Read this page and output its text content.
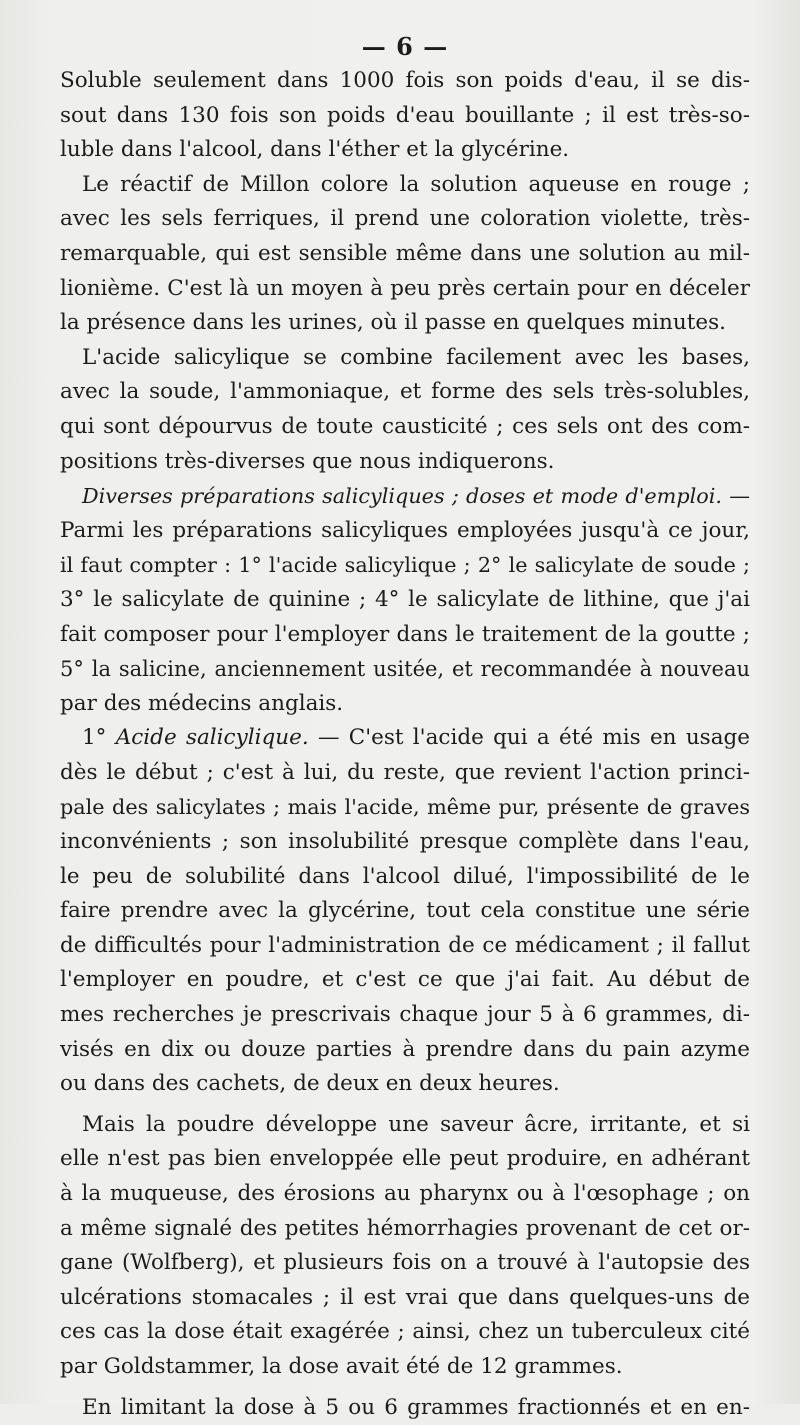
— 6 —
Soluble seulement dans 1000 fois son poids d'eau, il se dis-
sout dans 130 fois son poids d'eau bouillante ; il est très-so-
luble dans l'alcool, dans l'éther et la glycérine.
Le réactif de Millon colore la solution aqueuse en rouge ;
avec les sels ferriques, il prend une coloration violette, très-
remarquable, qui est sensible même dans une solution au mil-
lionième. C'est là un moyen à peu près certain pour en déceler
la présence dans les urines, où il passe en quelques minutes.
L'acide salicylique se combine facilement avec les bases,
avec la soude, l'ammoniaque, et forme des sels très-solubles,
qui sont dépourvus de toute causticité ; ces sels ont des com-
positions très-diverses que nous indiquerons.
Diverses préparations salicyliques ; doses et mode d'emploi. —
Parmi les préparations salicyliques employées jusqu'à ce jour,
il faut compter : 1° l'acide salicylique ; 2° le salicylate de soude ;
3° le salicylate de quinine ; 4° le salicylate de lithine, que j'ai
fait composer pour l'employer dans le traitement de la goutte ;
5° la salicine, anciennement usitée, et recommandée à nouveau
par des médecins anglais.
1° Acide salicylique. — C'est l'acide qui a été mis en usage
dès le début ; c'est à lui, du reste, que revient l'action princi-
pale des salicylates ; mais l'acide, même pur, présente de graves
inconvénients ; son insolubilité presque complète dans l'eau,
le peu de solubilité dans l'alcool dilué, l'impossibilité de le
faire prendre avec la glycérine, tout cela constitue une série
de difficultés pour l'administration de ce médicament ; il fallut
l'employer en poudre, et c'est ce que j'ai fait. Au début de
mes recherches je prescrivais chaque jour 5 à 6 grammes, di-
visés en dix ou douze parties à prendre dans du pain azyme
ou dans des cachets, de deux en deux heures.
Mais la poudre développe une saveur âcre, irritante, et si
elle n'est pas bien enveloppée elle peut produire, en adhérant
à la muqueuse, des érosions au pharynx ou à l'œsophage ; on
a même signalé des petites hémorrhagies provenant de cet or-
gane (Wolfberg), et plusieurs fois on a trouvé à l'autopsie des
ulcérations stomacales ; il est vrai que dans quelques-uns de
ces cas la dose était exagérée ; ainsi, chez un tuberculeux cité
par Goldstammer, la dose avait été de 12 grammes.
En limitant la dose à 5 ou 6 grammes fractionnés et en en-
